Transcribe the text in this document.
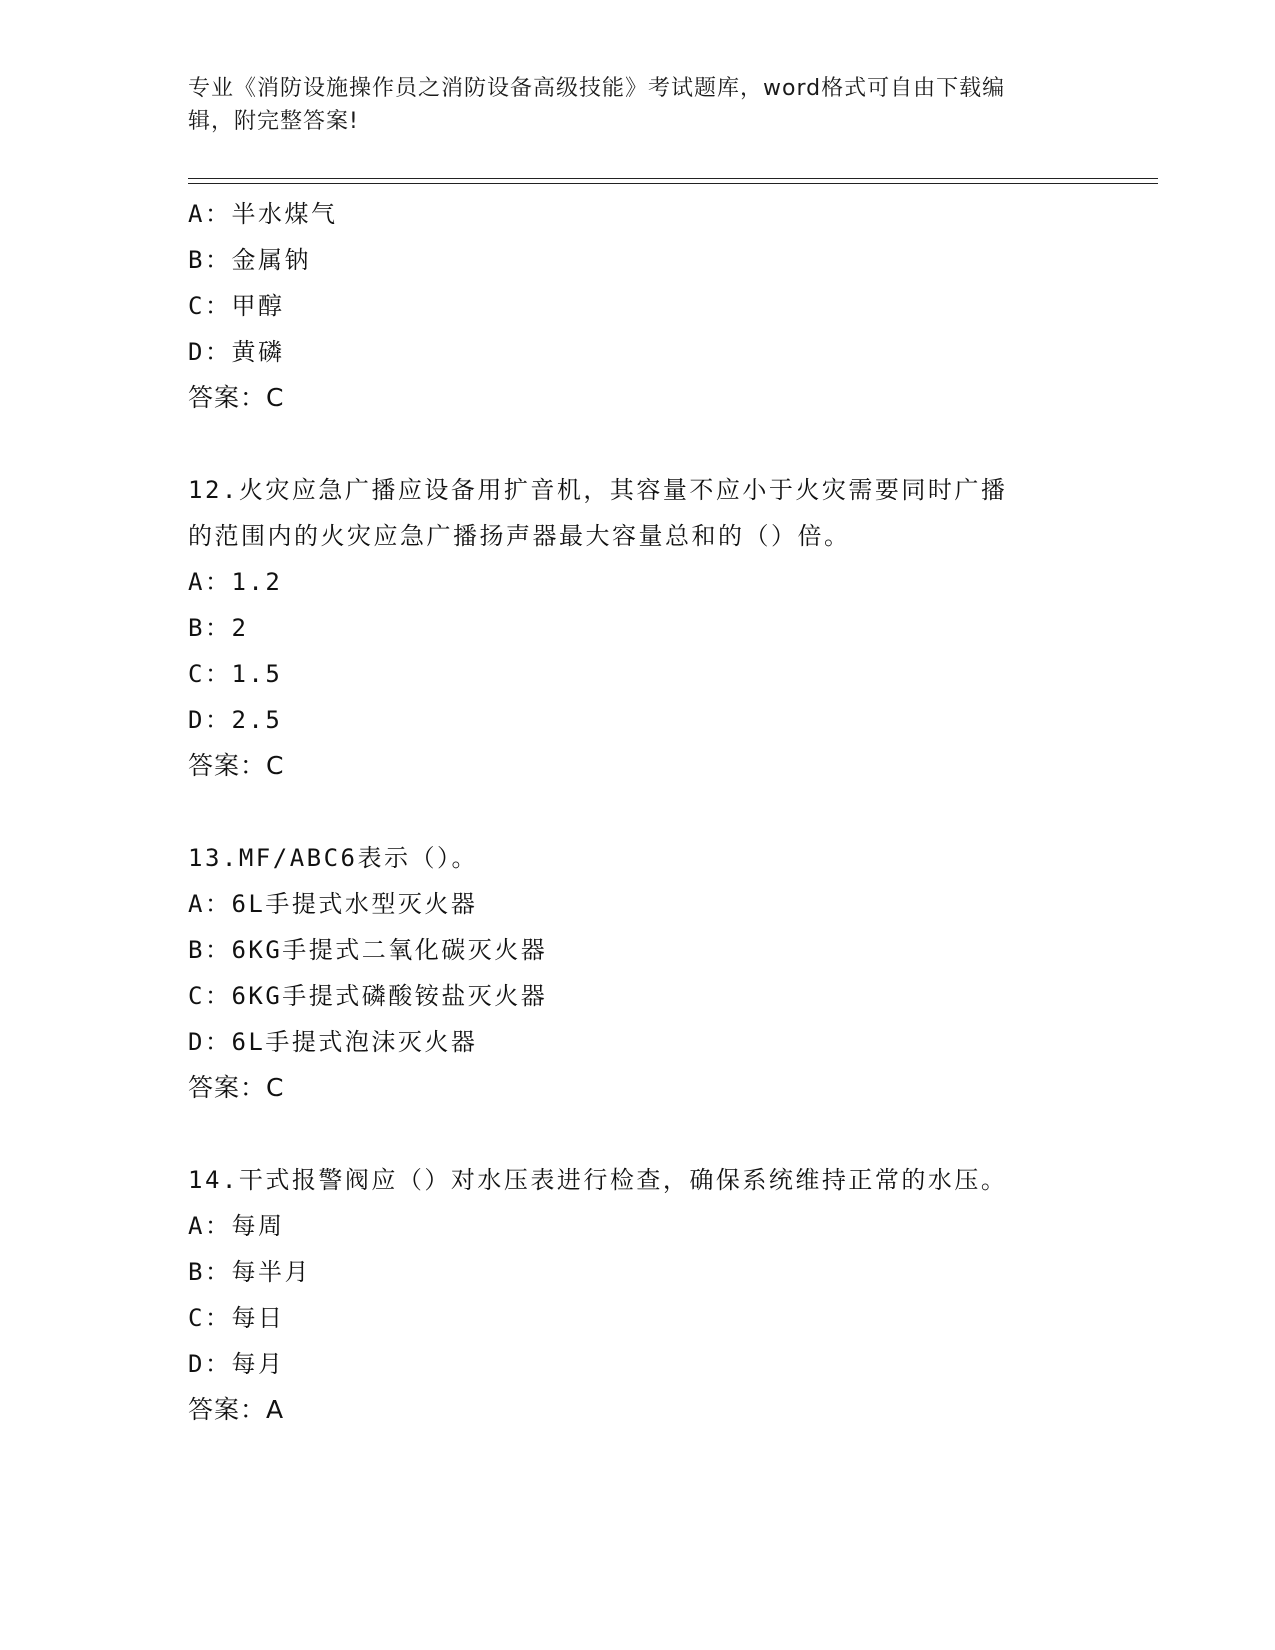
专业《消防设施操作员之消防设备高级技能》考试题库，word格式可自由下载编
辑，附完整答案!
A：半水煤气
B：金属钠
C：甲醇
D：黄磷
答案：C
12.火灾应急广播应设备用扩音机，其容量不应小于火灾需要同时广播
的范围内的火灾应急广播扬声器最大容量总和的（）倍。
A：1.2
B：2
C：1.5
D：2.5
答案：C
13.MF/ABC6表示（）。
A：6L手提式水型灭火器
B：6KG手提式二氧化碳灭火器
C：6KG手提式磷酸铵盐灭火器
D：6L手提式泡沫灭火器
答案：C
14.干式报警阀应（）对水压表进行检查，确保系统维持正常的水压。
A：每周
B：每半月
C：每日
D：每月
答案：A
